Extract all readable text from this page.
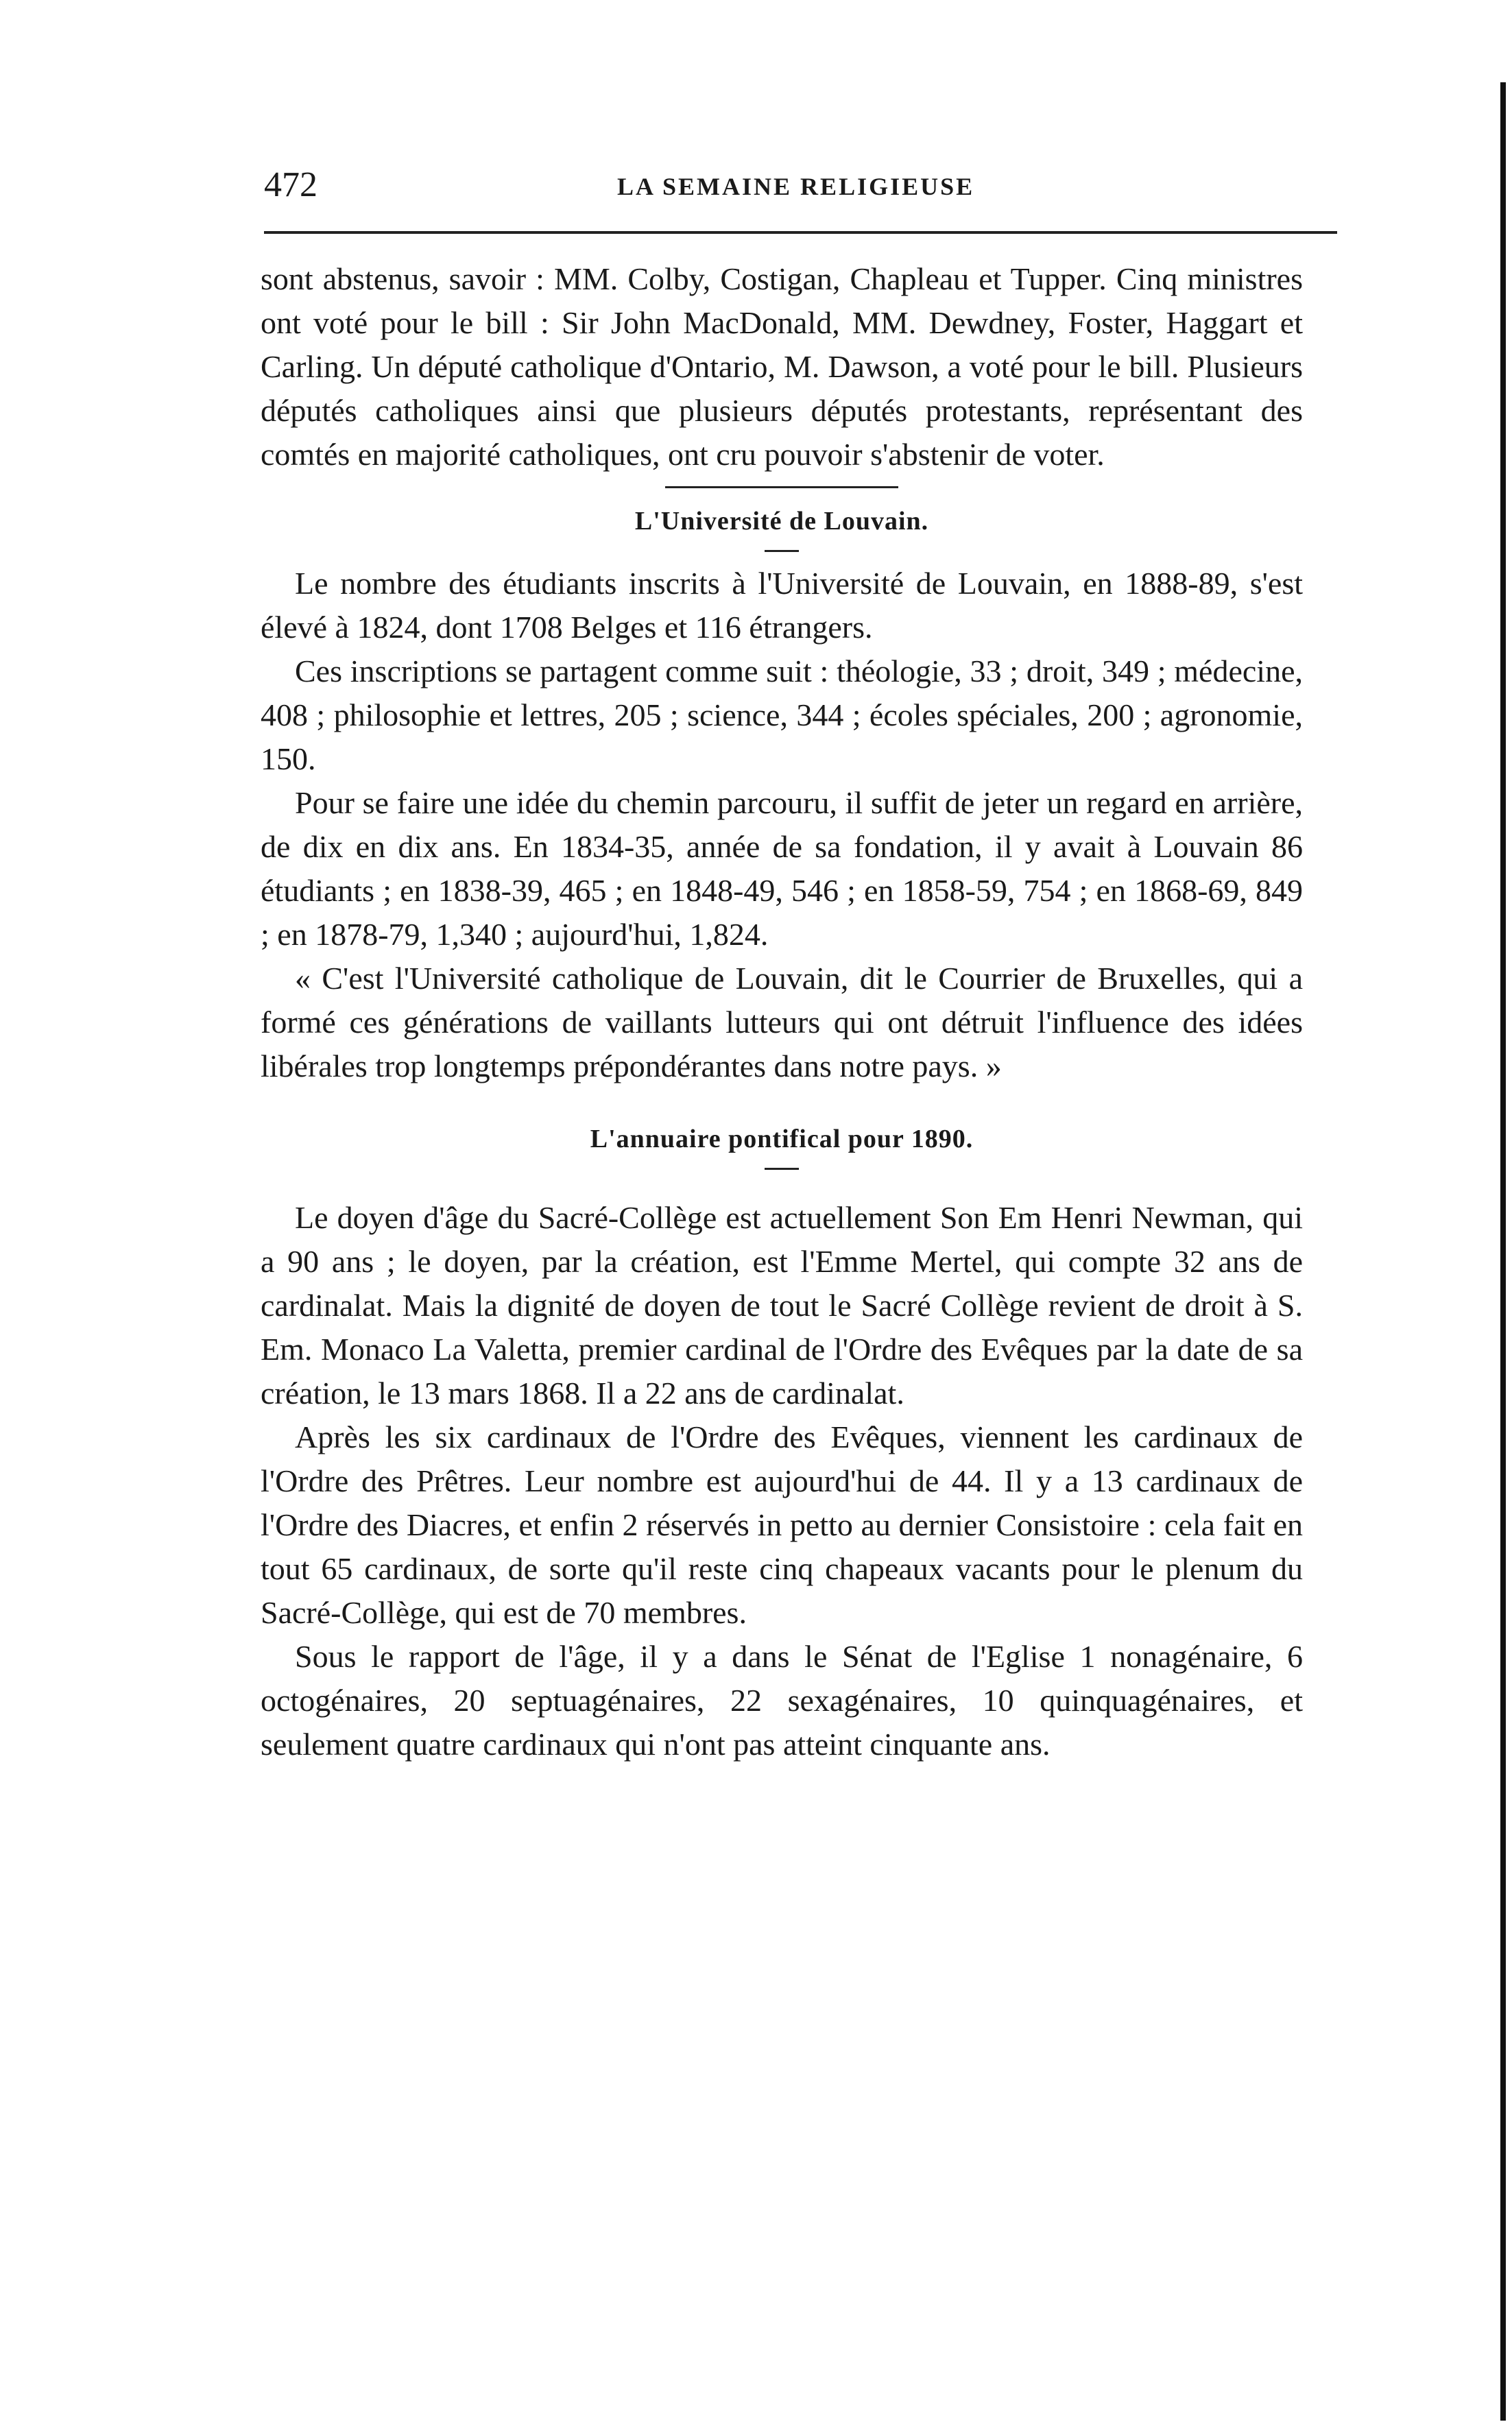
472	LA SEMAINE RELIGIEUSE

sont abstenus, savoir : MM. Colby, Costigan, Chapleau et Tupper. Cinq ministres ont voté pour le bill : Sir John MacDonald, MM. Dewdney, Foster, Haggart et Carling. Un député catholique d'Ontario, M. Dawson, a voté pour le bill. Plusieurs députés catholiques ainsi que plusieurs députés protestants, représentant des comtés en majorité catholiques, ont cru pouvoir s'abstenir de voter.

L'Université de Louvain.

Le nombre des étudiants inscrits à l'Université de Louvain, en 1888-89, s'est élevé à 1824, dont 1708 Belges et 116 étrangers.

Ces inscriptions se partagent comme suit : théologie, 33 ; droit, 349 ; médecine, 408 ; philosophie et lettres, 205 ; science, 344 ; écoles spéciales, 200 ; agronomie, 150.

Pour se faire une idée du chemin parcouru, il suffit de jeter un regard en arrière, de dix en dix ans. En 1834-35, année de sa fondation, il y avait à Louvain 86 étudiants ; en 1838-39, 465 ; en 1848-49, 546 ; en 1858-59, 754 ; en 1868-69, 849 ; en 1878-79, 1,340 ; aujourd'hui, 1,824.

« C'est l'Université catholique de Louvain, dit le Courrier de Bruxelles, qui a formé ces générations de vaillants lutteurs qui ont détruit l'influence des idées libérales trop longtemps prépondérantes dans notre pays. »

L'annuaire pontifical pour 1890.

Le doyen d'âge du Sacré-Collège est actuellement Son Em Henri Newman, qui a 90 ans ; le doyen, par la création, est l'Emme Mertel, qui compte 32 ans de cardinalat. Mais la dignité de doyen de tout le Sacré Collège revient de droit à S. Em. Monaco La Valetta, premier cardinal de l'Ordre des Evêques par la date de sa création, le 13 mars 1868. Il a 22 ans de cardinalat.

Après les six cardinaux de l'Ordre des Evêques, viennent les cardinaux de l'Ordre des Prêtres. Leur nombre est aujourd'hui de 44. Il y a 13 cardinaux de l'Ordre des Diacres, et enfin 2 réservés in petto au dernier Consistoire : cela fait en tout 65 cardinaux, de sorte qu'il reste cinq chapeaux vacants pour le plenum du Sacré-Collège, qui est de 70 membres.

Sous le rapport de l'âge, il y a dans le Sénat de l'Eglise 1 nonagénaire, 6 octogénaires, 20 septuagénaires, 22 sexagénaires, 10 quinquagénaires, et seulement quatre cardinaux qui n'ont pas atteint cinquante ans.
